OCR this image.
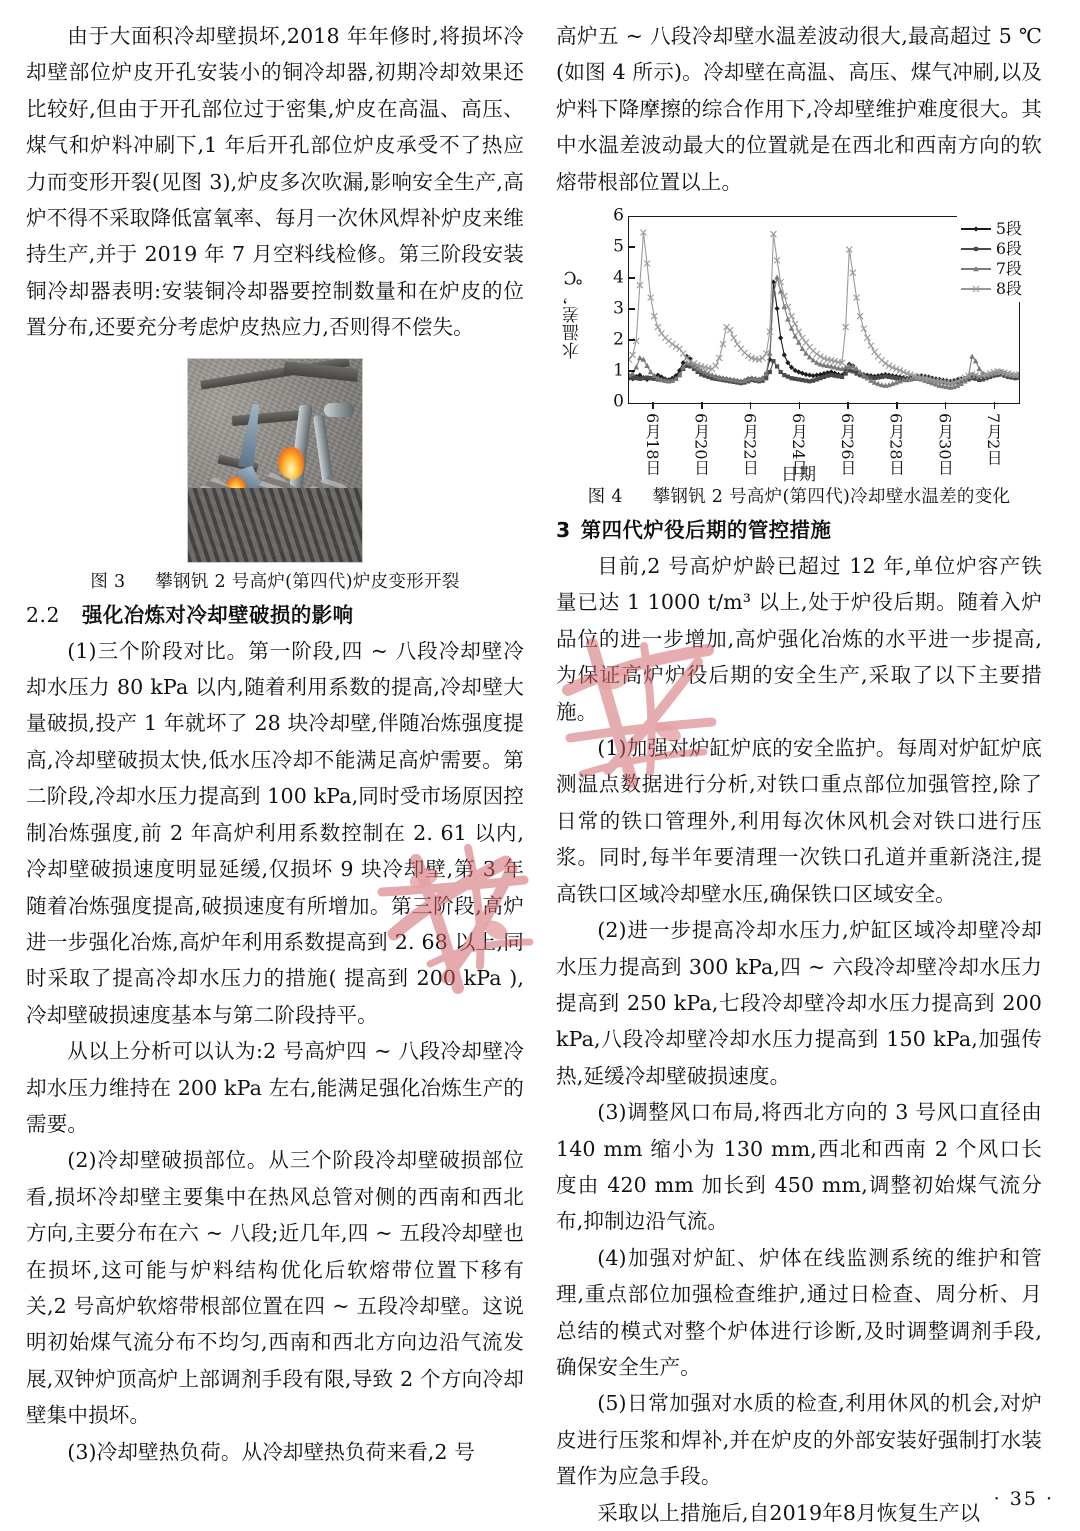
由于大面积冷却壁损坏,2018 年年修时,将损坏冷却壁部位炉皮开孔安装小的铜冷却器,初期冷却效果还比较好,但由于开孔部位过于密集,炉皮在高温、高压、煤气和炉料冲刷下,1 年后开孔部位炉皮承受不了热应力而变形开裂(见图 3),炉皮多次吹漏,影响安全生产,高炉不得不采取降低富氧率、每月一次休风焊补炉皮来维持生产,并于 2019 年 7 月空料线检修。第三阶段安装铜冷却器表明:安装铜冷却器要控制数量和在炉皮的位置分布,还要充分考虑炉皮热应力,否则得不偿失。

图 3 攀钢钒 2 号高炉(第四代)炉皮变形开裂

2.2 强化冶炼对冷却壁破损的影响

(1)三个阶段对比。第一阶段,四 ~ 八段冷却壁冷却水压力 80 kPa 以内,随着利用系数的提高,冷却壁大量破损,投产 1 年就坏了 28 块冷却壁,伴随冶炼强度提高,冷却壁破损太快,低水压冷却不能满足高炉需要。第二阶段,冷却水压力提高到 100 kPa,同时受市场原因控制冶炼强度,前 2 年高炉利用系数控制在 2. 61 以内,冷却壁破损速度明显延缓,仅损坏 9 块冷却壁,第 3 年随着冶炼强度提高,破损速度有所增加。第三阶段,高炉进一步强化冶炼,高炉年利用系数提高到 2. 68 以上,同时采取了提高冷却水压力的措施( 提高到 200 kPa ),冷却壁破损速度基本与第二阶段持平。

从以上分析可以认为:2 号高炉四 ~ 八段冷却壁冷却水压力维持在 200 kPa 左右,能满足强化冶炼生产的需要。

(2)冷却壁破损部位。从三个阶段冷却壁破损部位看,损坏冷却壁主要集中在热风总管对侧的西南和西北方向,主要分布在六 ~ 八段;近几年,四 ~ 五段冷却壁也在损坏,这可能与炉料结构优化后软熔带位置下移有关,2 号高炉软熔带根部位置在四 ~ 五段冷却壁。这说明初始煤气流分布不均匀,西南和西北方向边沿气流发展,双钟炉顶高炉上部调剂手段有限,导致 2 个方向冷却壁集中损坏。

(3)冷却壁热负荷。从冷却壁热负荷来看,2 号

高炉五 ~ 八段冷却壁水温差波动很大,最高超过 5 ℃(如图 4 所示)。冷却壁在高温、高压、煤气冲刷,以及炉料下降摩擦的综合作用下,冷却壁维护难度很大。其中水温差波动最大的位置就是在西北和西南方向的软熔带根部位置以上。

水温差，℃
0
1
2
3
4
5
6
6月18日 6月20日 6月22日 6月24日 6月26日 6月28日 6月30日 7月2日
日期
5段
6段
7段
8段

图 4 攀钢钒 2 号高炉(第四代)冷却壁水温差的变化

3 第四代炉役后期的管控措施

目前,2 号高炉炉龄已超过 12 年,单位炉容产铁量已达 1 1000 t/m³ 以上,处于炉役后期。随着入炉品位的进一步增加,高炉强化冶炼的水平进一步提高,为保证高炉炉役后期的安全生产,采取了以下主要措施。

(1)加强对炉缸炉底的安全监护。每周对炉缸炉底测温点数据进行分析,对铁口重点部位加强管控,除了日常的铁口管理外,利用每次休风机会对铁口进行压浆。同时,每半年要清理一次铁口孔道并重新浇注,提高铁口区域冷却壁水压,确保铁口区域安全。

(2)进一步提高冷却水压力,炉缸区域冷却壁冷却水压力提高到 300 kPa,四 ~ 六段冷却壁冷却水压力提高到 250 kPa,七段冷却壁冷却水压力提高到 200 kPa,八段冷却壁冷却水压力提高到 150 kPa,加强传热,延缓冷却壁破损速度。

(3)调整风口布局,将西北方向的 3 号风口直径由 140 mm 缩小为 130 mm,西北和西南 2 个风口长度由 420 mm 加长到 450 mm,调整初始煤气流分布,抑制边沿气流。

(4)加强对炉缸、炉体在线监测系统的维护和管理,重点部位加强检查维护,通过日检查、周分析、月总结的模式对整个炉体进行诊断,及时调整调剂手段,确保安全生产。

(5)日常加强对水质的检查,利用休风的机会,对炉皮进行压浆和焊补,并在炉皮的外部安装好强制打水装置作为应急手段。

采取以上措施后,自2019年8月恢复生产以

· 35 ·
